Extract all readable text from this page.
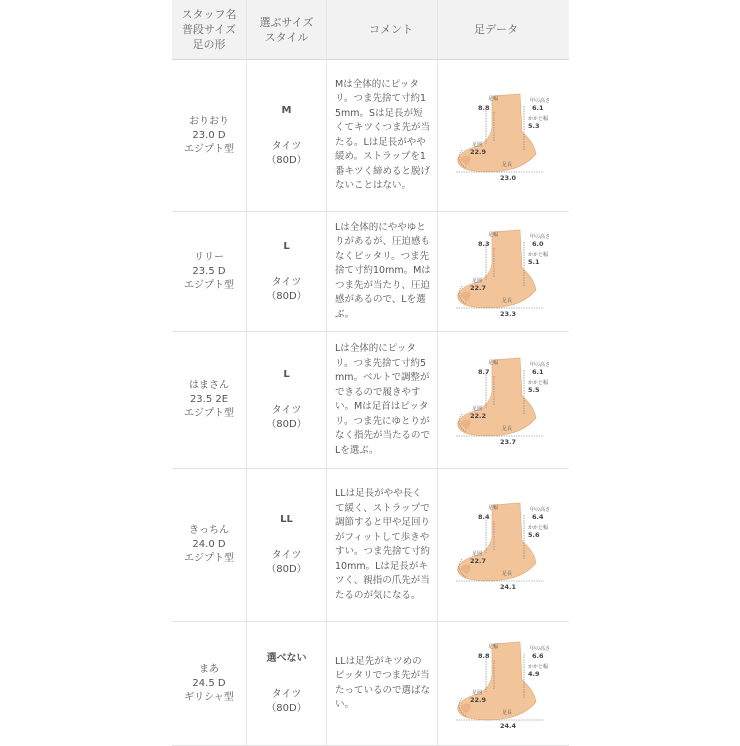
スタッフ名
普段サイズ
足の形
選ぶサイズ
スタイル
コメント	足データ
おりおり
23.0 D
エジプト型
M
タイツ
（80D）
Mは全体的にピッタリ。つま先捨て寸約15mm。Sは足長が短くてキツくつま先が当たる。Lは足長がやや緩め。ストラップを1番キツく締めると脱げないことはない。
足幅
8.8
甲の高さ
6.1
かかと幅
5.3
足囲
22.9
足長
23.0
リリー
23.5 D
エジプト型
L
タイツ
（80D）
Lは全体的にややゆとりがあるが、圧迫感もなくピッタリ。つま先捨て寸約10mm。Mはつま先が当たり、圧迫感があるので、Lを選ぶ。
足幅
8.3
甲の高さ
6.0
かかと幅
5.1
足囲
22.7
足長
23.3
はまさん
23.5 2E
エジプト型
L
タイツ
（80D）
Lは全体的にピッタリ。つま先捨て寸約5mm。ベルトで調整ができるので履きやすい。Mは足首はピッタリ。つま先にゆとりがなく指先が当たるのでLを選ぶ。
足幅
8.7
甲の高さ
6.1
かかと幅
5.5
足囲
22.2
足長
23.7
きっちん
24.0 D
エジプト型
LL
タイツ
（80D）
LLは足長がやや長くて緩く、ストラップで調節すると甲や足回りがフィットして歩きやすい。つま先捨て寸約10mm。Lは足長がキツく、親指の爪先が当たるのが気になる。
足幅
8.4
甲の高さ
6.4
かかと幅
5.6
足囲
22.7
足長
24.1
まあ
24.5 D
ギリシャ型
選べない
タイツ
（80D）
LLは足先がキツめのピッタリでつま先が当たっているので選ばない。
足幅
8.8
甲の高さ
6.6
かかと幅
4.9
足囲
22.9
足長
24.4
